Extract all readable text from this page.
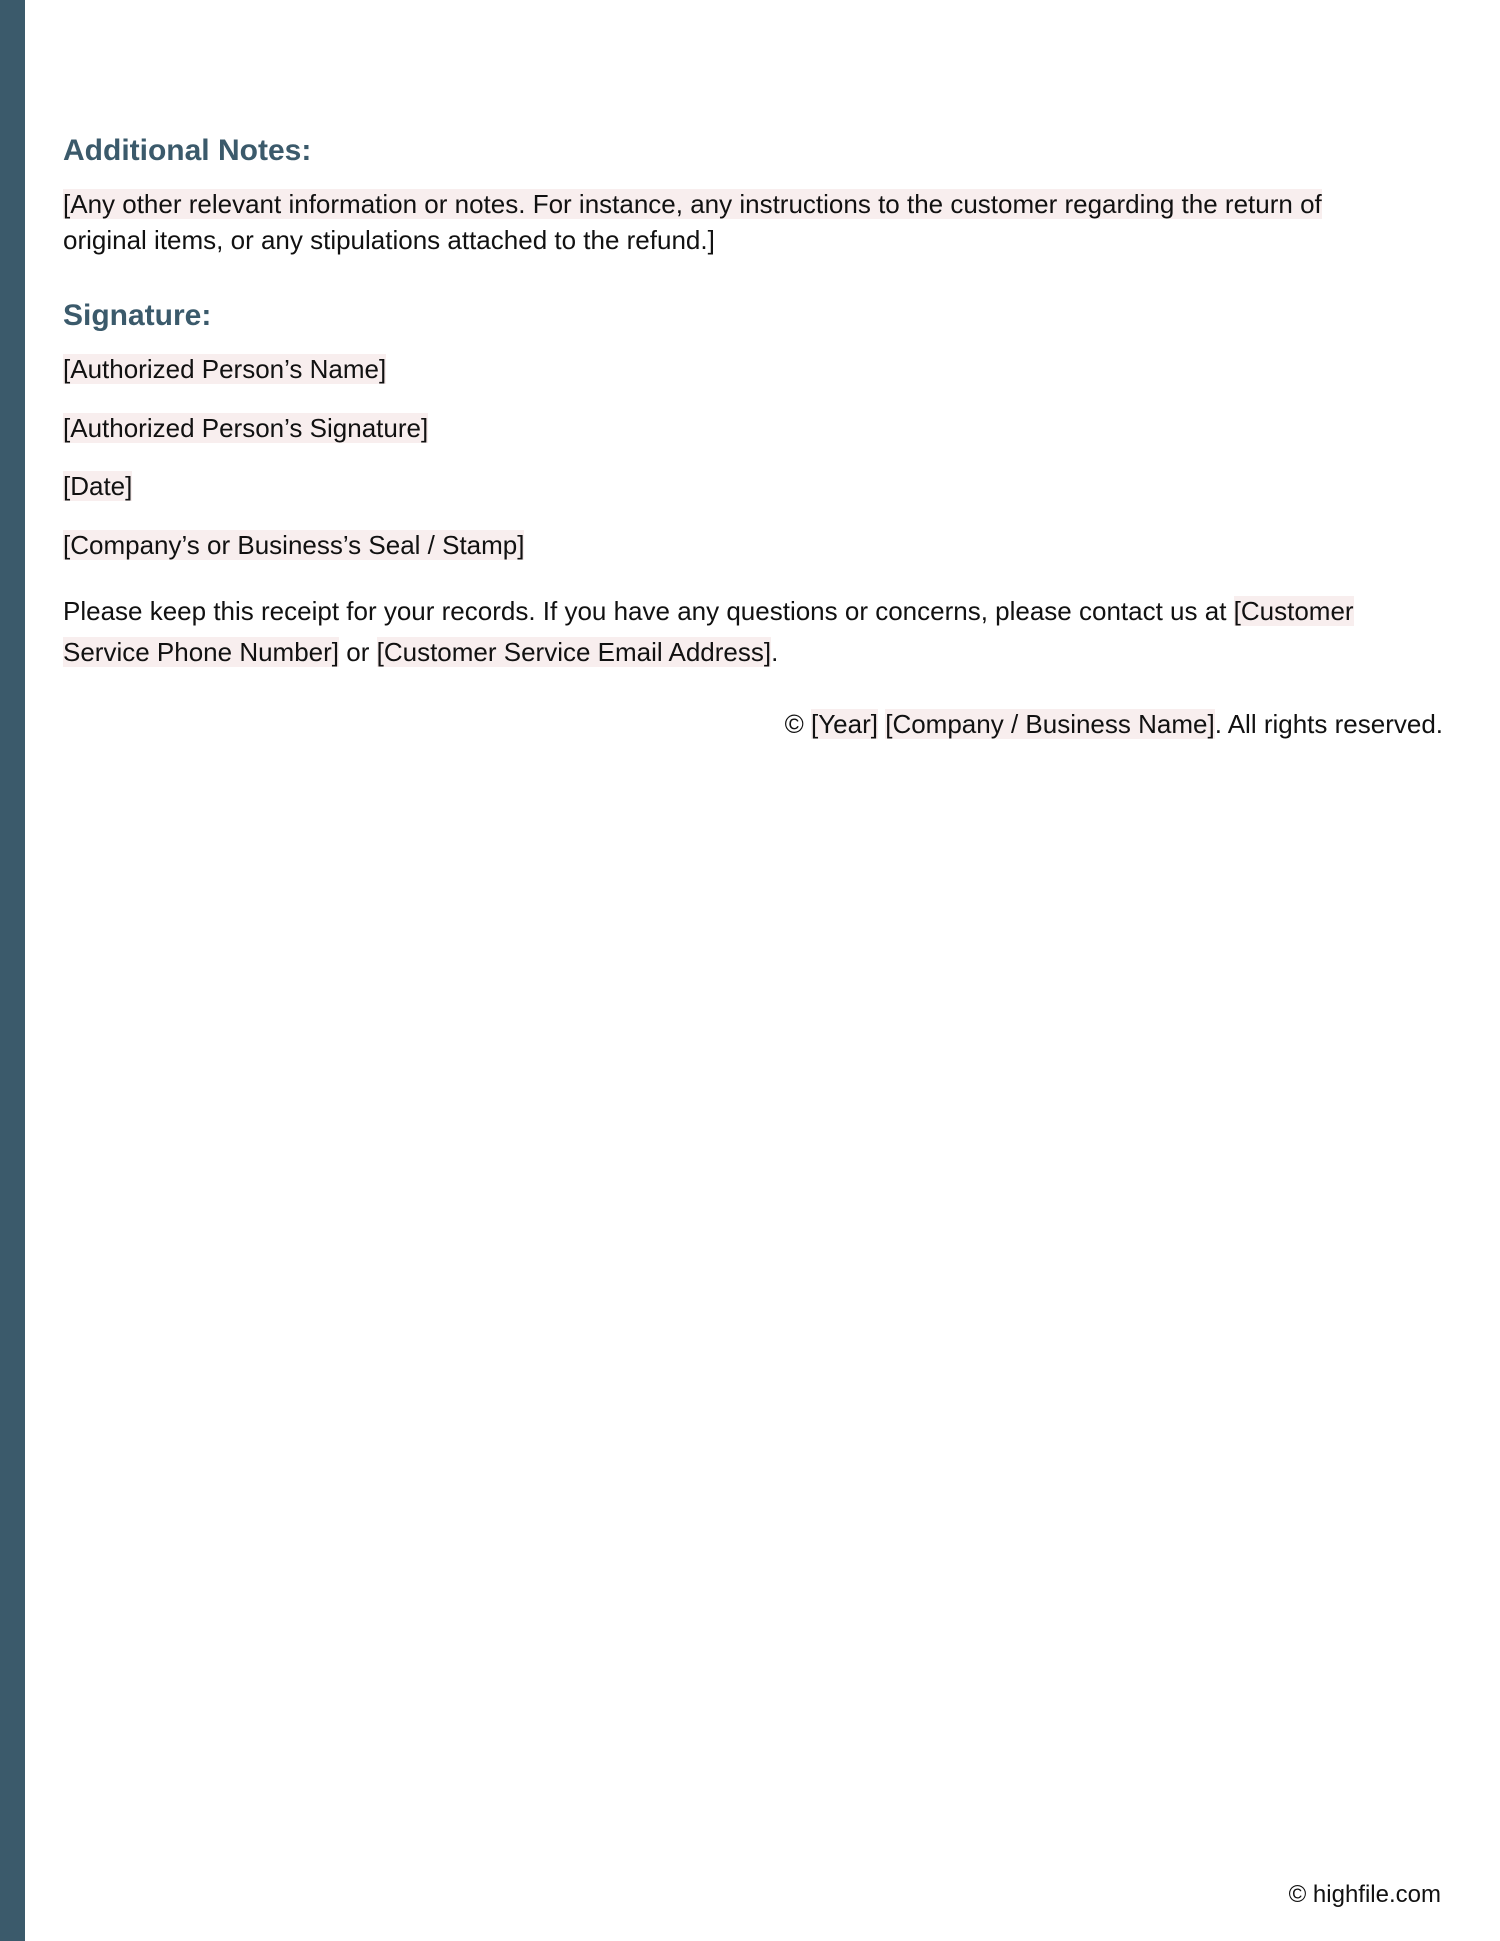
Additional Notes:
[Any other relevant information or notes. For instance, any instructions to the customer regarding the return of
original items, or any stipulations attached to the refund.]
Signature:
[Authorized Person’s Name]
[Authorized Person’s Signature]
[Date]
[Company’s or Business’s Seal / Stamp]
Please keep this receipt for your records. If you have any questions or concerns, please contact us at [Customer
Service Phone Number] or [Customer Service Email Address].
© [Year] [Company / Business Name]. All rights reserved.
© highfile.com
